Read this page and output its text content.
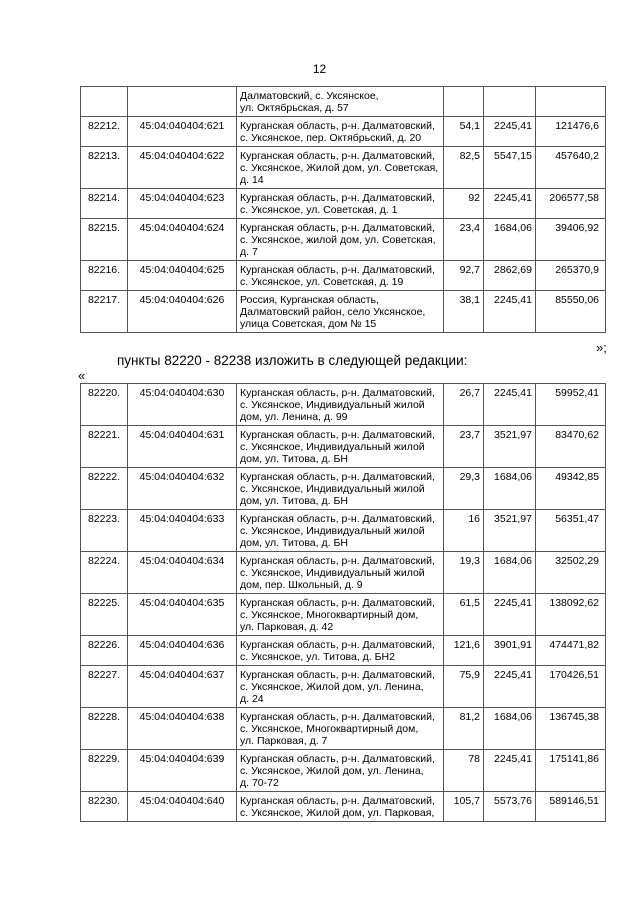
12
		Далматовский, с. Уксянское,
ул. Октябрьская, д. 57			
82212.	45:04:040404:621	Курганская область, р-н. Далматовский,
с. Уксянское, пер. Октябрьский, д. 20	54,1	2245,41	121476,6
82213.	45:04:040404:622	Курганская область, р-н. Далматовский,
с. Уксянское, Жилой дом, ул. Советская,
д. 14	82,5	5547,15	457640,2
82214.	45:04:040404:623	Курганская область, р-н. Далматовский,
с. Уксянское, ул. Советская, д. 1	92	2245,41	206577,58
82215.	45:04:040404:624	Курганская область, р-н. Далматовский,
с. Уксянское, жилой дом, ул. Советская,
д. 7	23,4	1684,06	39406,92
82216.	45:04:040404:625	Курганская область, р-н. Далматовский,
с. Уксянское, ул. Советская, д. 19	92,7	2862,69	265370,9
82217.	45:04:040404:626	Россия, Курганская область,
Далматовский район, село Уксянское,
улица Советская, дом № 15	38,1	2245,41	85550,06
»;
пункты 82220 - 82238 изложить в следующей редакции:
«
82220.	45:04:040404:630	Курганская область, р-н. Далматовский,
с. Уксянское, Индивидуальный жилой
дом, ул. Ленина, д. 99	26,7	2245,41	59952,41
82221.	45:04:040404:631	Курганская область, р-н. Далматовский,
с. Уксянское, Индивидуальный жилой
дом, ул. Титова, д. БН	23,7	3521,97	83470,62
82222.	45:04:040404:632	Курганская область, р-н. Далматовский,
с. Уксянское, Индивидуальный жилой
дом, ул. Титова, д. БН	29,3	1684,06	49342,85
82223.	45:04:040404:633	Курганская область, р-н. Далматовский,
с. Уксянское, Индивидуальный жилой
дом, ул. Титова, д. БН	16	3521,97	56351,47
82224.	45:04:040404:634	Курганская область, р-н. Далматовский,
с. Уксянское, Индивидуальный жилой
дом, пер. Школьный, д. 9	19,3	1684,06	32502,29
82225.	45:04:040404:635	Курганская область, р-н. Далматовский,
с. Уксянское, Многоквартирный дом,
ул. Парковая, д. 42	61,5	2245,41	138092,62
82226.	45:04:040404:636	Курганская область, р-н. Далматовский,
с. Уксянское, ул. Титова, д. БН2	121,6	3901,91	474471,82
82227.	45:04:040404:637	Курганская область, р-н. Далматовский,
с. Уксянское, Жилой дом, ул. Ленина,
д. 24	75,9	2245,41	170426,51
82228.	45:04:040404:638	Курганская область, р-н. Далматовский,
с. Уксянское, Многоквартирный дом,
ул. Парковая, д. 7	81,2	1684,06	136745,38
82229.	45:04:040404:639	Курганская область, р-н. Далматовский,
с. Уксянское, Жилой дом, ул. Ленина,
д. 70-72	78	2245,41	175141,86
82230.	45:04:040404:640	Курганская область, р-н. Далматовский,
с. Уксянское, Жилой дом, ул. Парковая,	105,7	5573,76	589146,51
